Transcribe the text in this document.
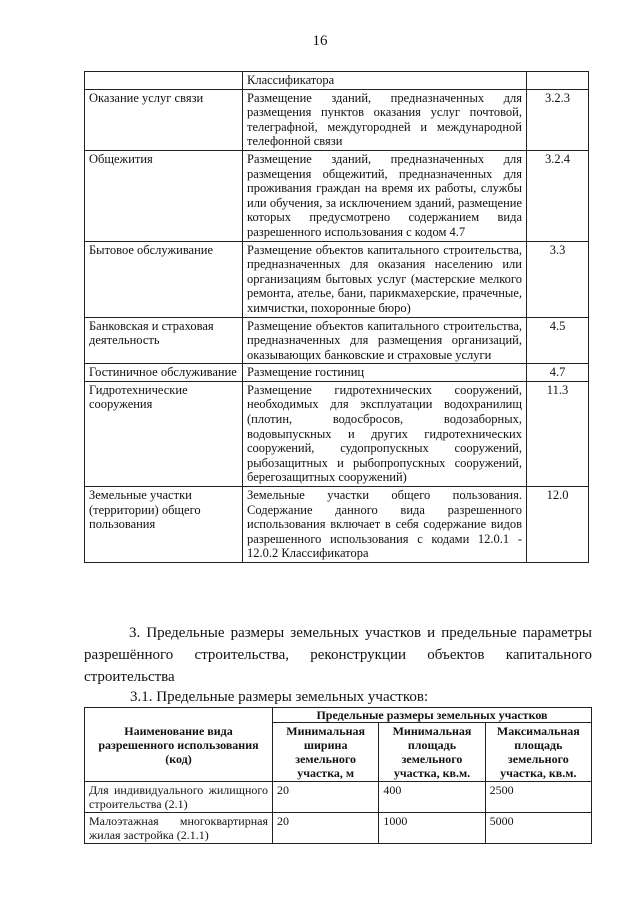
16
	Классификатора	
Оказание услуг связи	Размещение зданий, предназначенных для размещения пунктов оказания услуг почтовой, телеграфной, междугородней и международной телефонной связи	3.2.3
Общежития	Размещение зданий, предназначенных для размещения общежитий, предназначенных для проживания граждан на время их работы, службы или обучения, за исключением зданий, размещение которых предусмотрено содержанием вида разрешенного использования с кодом 4.7	3.2.4
Бытовое обслуживание	Размещение объектов капитального строительства, предназначенных для оказания населению или организациям бытовых услуг (мастерские мелкого ремонта, ателье, бани, парикмахерские, прачечные, химчистки, похоронные бюро)	3.3
Банковская и страховая деятельность	Размещение объектов капитального строительства, предназначенных для размещения организаций, оказывающих банковские и страховые услуги	4.5
Гостиничное обслуживание	Размещение гостиниц	4.7
Гидротехнические сооружения	Размещение гидротехнических сооружений, необходимых для эксплуатации водохранилищ (плотин, водосбросов, водозаборных, водовыпускных и других гидротехнических сооружений, судопропускных сооружений, рыбозащитных и рыбопропускных сооружений, берегозащитных сооружений)	11.3
Земельные участки (территории) общего пользования	Земельные участки общего пользования. Содержание данного вида разрешенного использования включает в себя содержание видов разрешенного использования с кодами 12.0.1 - 12.0.2 Классификатора	12.0
3. Предельные размеры земельных участков и предельные параметры разрешённого строительства, реконструкции объектов капитального строительства
3.1. Предельные размеры земельных участков:
Наименование вида разрешенного использования (код)	Предельные размеры земельных участков		
	Минимальная ширина земельного участка, м	Минимальная площадь земельного участка, кв.м.	Максимальная площадь земельного участка, кв.м.
Для индивидуального жилищного строительства (2.1)	20	400	2500
Малоэтажная многоквартирная жилая застройка (2.1.1)	20	1000	5000
